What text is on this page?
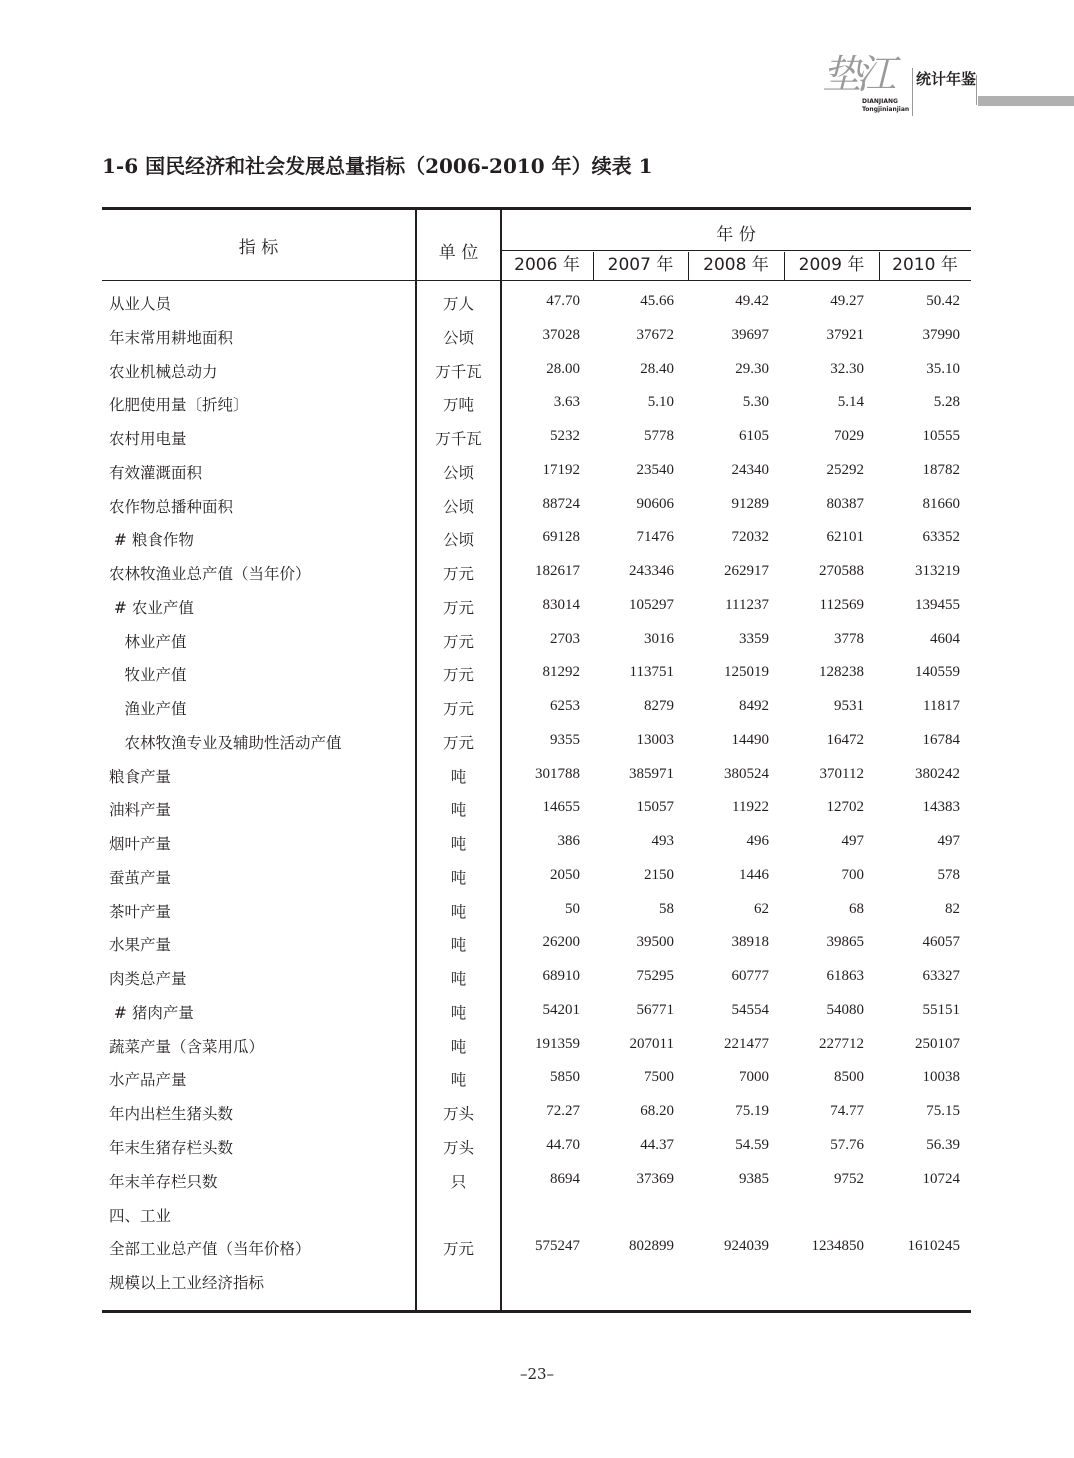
垫江
DIANJIANG
Tongjinianjian
统计年鉴
1-6 国民经济和社会发展总量指标（2006-2010 年）续表 1
指 标	单 位
年 份
2006 年	2007 年	2008 年	2009 年	2010 年
从业人员	万人	47.70	45.66	49.42	49.27	50.42
年末常用耕地面积	公顷	37028	37672	39697	37921	37990
农业机械总动力	万千瓦	28.00	28.40	29.30	32.30	35.10
化肥使用量〔折纯〕	万吨	3.63	5.10	5.30	5.14	5.28
农村用电量	万千瓦	5232	5778	6105	7029	10555
有效灌溉面积	公顷	17192	23540	24340	25292	18782
农作物总播种面积	公顷	88724	90606	91289	80387	81660
# 粮食作物	公顷	69128	71476	72032	62101	63352
农林牧渔业总产值（当年价）	万元	182617	243346	262917	270588	313219
# 农业产值	万元	83014	105297	111237	112569	139455
　林业产值	万元	2703	3016	3359	3778	4604
　牧业产值	万元	81292	113751	125019	128238	140559
　渔业产值	万元	6253	8279	8492	9531	11817
　农林牧渔专业及辅助性活动产值	万元	9355	13003	14490	16472	16784
粮食产量	吨	301788	385971	380524	370112	380242
油料产量	吨	14655	15057	11922	12702	14383
烟叶产量	吨	386	493	496	497	497
蚕茧产量	吨	2050	2150	1446	700	578
茶叶产量	吨	50	58	62	68	82
水果产量	吨	26200	39500	38918	39865	46057
肉类总产量	吨	68910	75295	60777	61863	63327
# 猪肉产量	吨	54201	56771	54554	54080	55151
蔬菜产量（含菜用瓜）	吨	191359	207011	221477	227712	250107
水产品产量	吨	5850	7500	7000	8500	10038
年内出栏生猪头数	万头	72.27	68.20	75.19	74.77	75.15
年末生猪存栏头数	万头	44.70	44.37	54.59	57.76	56.39
年末羊存栏只数	只	8694	37369	9385	9752	10724
四、工业
全部工业总产值（当年价格）	万元	575247	802899	924039	1234850	1610245
规模以上工业经济指标
–23–
